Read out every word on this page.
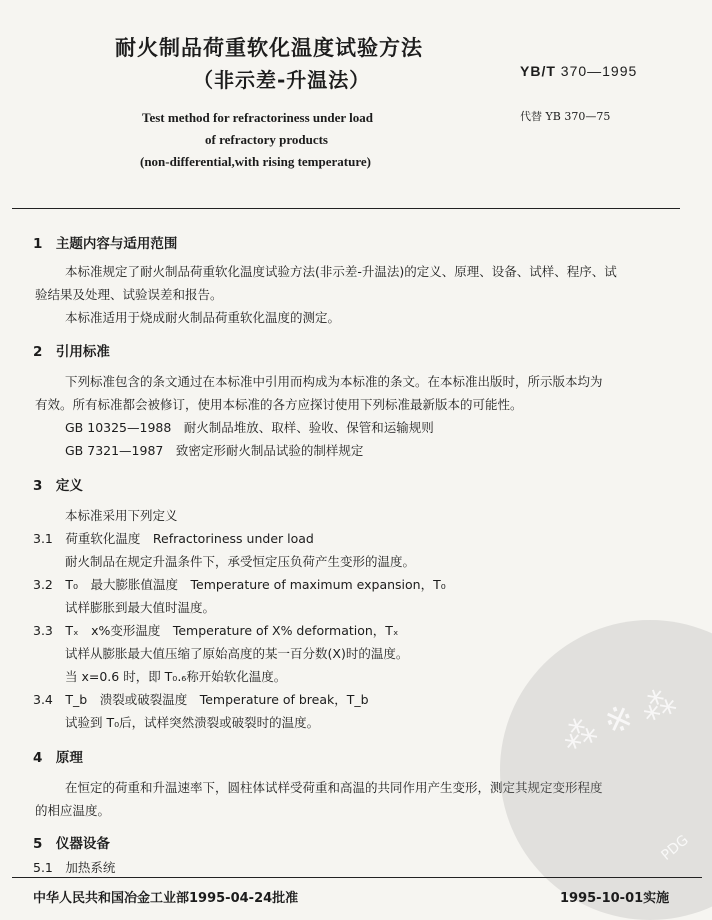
耐火制品荷重软化温度试验方法
（非示差-升温法）	YB/T 370—1995
代替 YB 370—75
Test method for refractoriness under load
of refractory products
(non-differential,with rising temperature)
1　主题内容与适用范围
本标准规定了耐火制品荷重软化温度试验方法(非示差-升温法)的定义、原理、设备、试样、程序、试
验结果及处理、试验误差和报告。
本标准适用于烧成耐火制品荷重软化温度的测定。
2　引用标准
下列标准包含的条文通过在本标准中引用而构成为本标准的条文。在本标准出版时，所示版本均为
有效。所有标准都会被修订，使用本标准的各方应探讨使用下列标准最新版本的可能性。
GB 10325—1988　耐火制品堆放、取样、验收、保管和运输规则
GB 7321—1987　致密定形耐火制品试验的制样规定
3　定义
本标准采用下列定义
3.1　荷重软化温度　Refractoriness under load
耐火制品在规定升温条件下，承受恒定压负荷产生变形的温度。
3.2　T₀　最大膨胀值温度　Temperature of maximum expansion，T₀
试样膨胀到最大值时温度。
3.3　Tₓ　x%变形温度　Temperature of X% deformation，Tₓ
试样从膨胀最大值压缩了原始高度的某一百分数(X)时的温度。
当 x=0.6 时，即 T₀.₆称开始软化温度。
3.4　T_b　溃裂或破裂温度　Temperature of break，T_b
试验到 T₀后，试样突然溃裂或破裂时的温度。
4　原理
在恒定的荷重和升温速率下，圆柱体试样受荷重和高温的共同作用产生变形，测定其规定变形程度
的相应温度。
5　仪器设备
5.1　加热系统
⁂ ※ ⁂
PDG
中华人民共和国冶金工业部1995-04-24批准	1995-10-01实施
